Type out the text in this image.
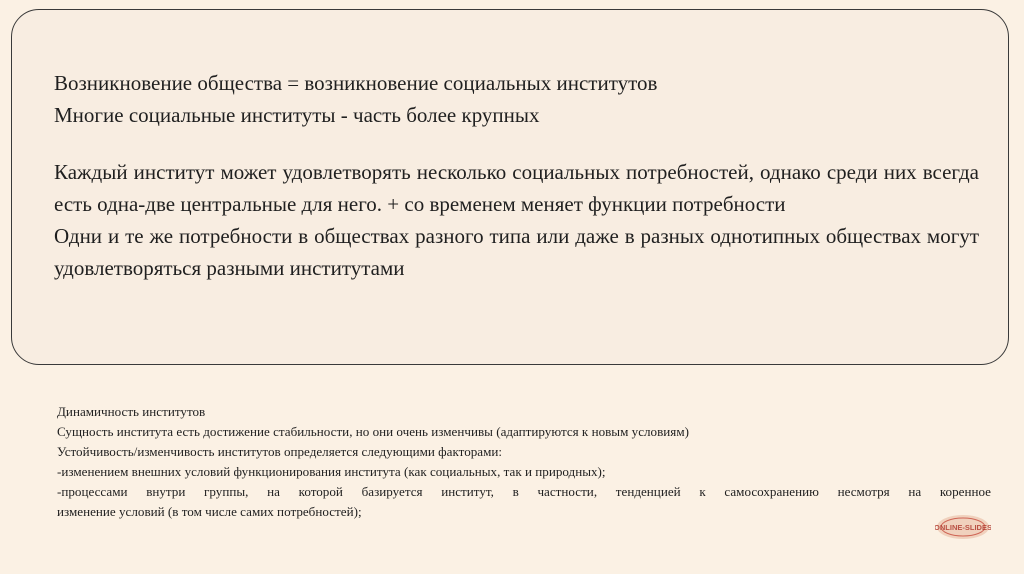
Возникновение общества = возникновение социальных институтов

Многие социальные институты - часть более крупных

Каждый институт может удовлетворять несколько социальных потребностей, однако среди них всегда есть одна-две центральные для него. + со временем меняет функции потребности

Одни и те же потребности в обществах разного типа или даже в разных однотипных обществах могут удовлетворяться разными институтами

Динамичность институтов

Сущность института есть достижение стабильности, но они очень изменчивы (адаптируются к новым условиям)

Устойчивость/изменчивость институтов определяется следующими факторами:

-изменением внешних условий функционирования института (как социальных, так и природных);

-процессами внутри группы, на которой базируется институт, в частности, тенденцией к самосохранению несмотря на коренное

изменение условий (в том числе самих потребностей);

ONLINE-SLIDES
